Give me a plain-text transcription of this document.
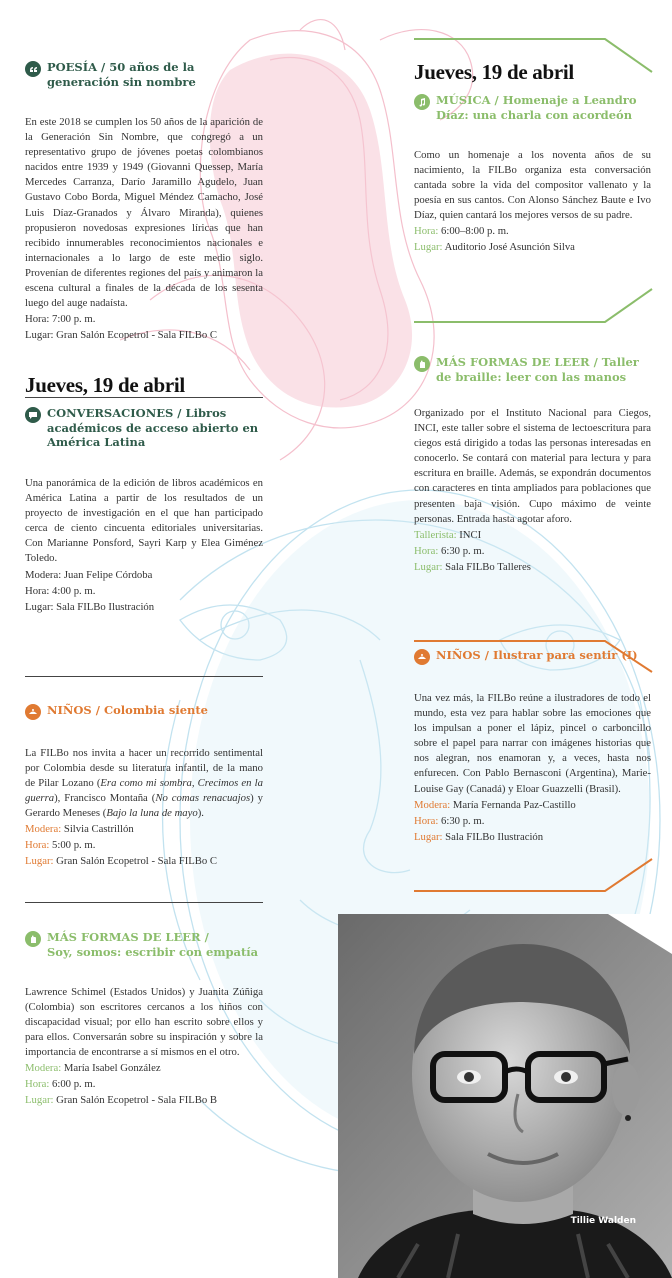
POESÍA / 50 años de la generación sin nombre
En este 2018 se cumplen los 50 años de la aparición de la Generación Sin Nombre, que congregó a un representativo grupo de jóvenes poetas colombianos nacidos entre 1939 y 1949 (Giovanni Quessep, María Mercedes Carranza, Darío Jaramillo Agudelo, Juan Gustavo Cobo Borda, Miguel Méndez Camacho, José Luis Díaz-Granados y Álvaro Miranda), quienes propusieron novedosas expresiones líricas que han recibido innumerables reconocimientos nacionales e internacionales a lo largo de este medio siglo. Provenían de diferentes regiones del país y animaron la escena cultural a finales de la década de los sesenta luego del auge nadaísta.
Hora: 7:00 p. m.
Lugar: Gran Salón Ecopetrol - Sala FILBo C
Jueves, 19 de abril
CONVERSACIONES / Libros académicos de acceso abierto en América Latina
Una panorámica de la edición de libros académicos en América Latina a partir de los resultados de un proyecto de investigación en el que han participado cerca de ciento cincuenta editoriales universitarias. Con Marianne Ponsford, Sayri Karp y Elea Giménez Toledo.
Modera: Juan Felipe Córdoba
Hora: 4:00 p. m.
Lugar: Sala FILBo Ilustración
NIÑOS / Colombia siente
La FILBo nos invita a hacer un recorrido sentimental por Colombia desde su literatura infantil, de la mano de Pilar Lozano (Era como mi sombra, Crecimos en la guerra), Francisco Montaña (No comas renacuajos) y Gerardo Meneses (Bajo la luna de mayo).
Modera: Silvia Castrillón
Hora: 5:00 p. m.
Lugar: Gran Salón Ecopetrol - Sala FILBo C
MÁS FORMAS DE LEER /
Soy, somos: escribir con empatía
Lawrence Schimel (Estados Unidos) y Juanita Zúñiga (Colombia) son escritores cercanos a los niños con discapacidad visual; por ello han escrito sobre ellos y para ellos. Conversarán sobre su inspiración y sobre la importancia de encontrarse a sí mismos en el otro.
Modera: María Isabel González
Hora: 6:00 p. m.
Lugar: Gran Salón Ecopetrol - Sala FILBo B
Jueves, 19 de abril
MÚSICA / Homenaje a Leandro Díaz: una charla con acordeón
Como un homenaje a los noventa años de su nacimiento, la FILBo organiza esta conversación cantada sobre la vida del compositor vallenato y la poesía en sus cantos. Con Alonso Sánchez Baute e Ivo Díaz, quien cantará los mejores versos de su padre.
Hora: 6:00–8:00 p. m.
Lugar: Auditorio José Asunción Silva
MÁS FORMAS DE LEER / Taller de braille: leer con las manos
Organizado por el Instituto Nacional para Ciegos, INCI, este taller sobre el sistema de lectoescritura para ciegos está dirigido a todas las personas interesadas en conocerlo. Se contará con material para lectura y para escritura en braille. Además, se expondrán documentos con caracteres en tinta ampliados para poblaciones que presenten baja visión. Cupo máximo de veinte personas. Entrada hasta agotar aforo.
Tallerista: INCI
Hora: 6:30 p. m.
Lugar: Sala FILBo Talleres
NIÑOS / Ilustrar para sentir (I)
Una vez más, la FILBo reúne a ilustradores de todo el mundo, esta vez para hablar sobre las emociones que los impulsan a poner el lápiz, pincel o carboncillo sobre el papel para narrar con imágenes historias que nos alegran, nos enamoran y, a veces, hasta nos enfurecen. Con Pablo Bernasconi (Argentina), Marie-Louise Gay (Canadá) y Eloar Guazzelli (Brasil).
Modera: María Fernanda Paz-Castillo
Hora: 6:30 p. m.
Lugar: Sala FILBo Ilustración
Tillie Walden
